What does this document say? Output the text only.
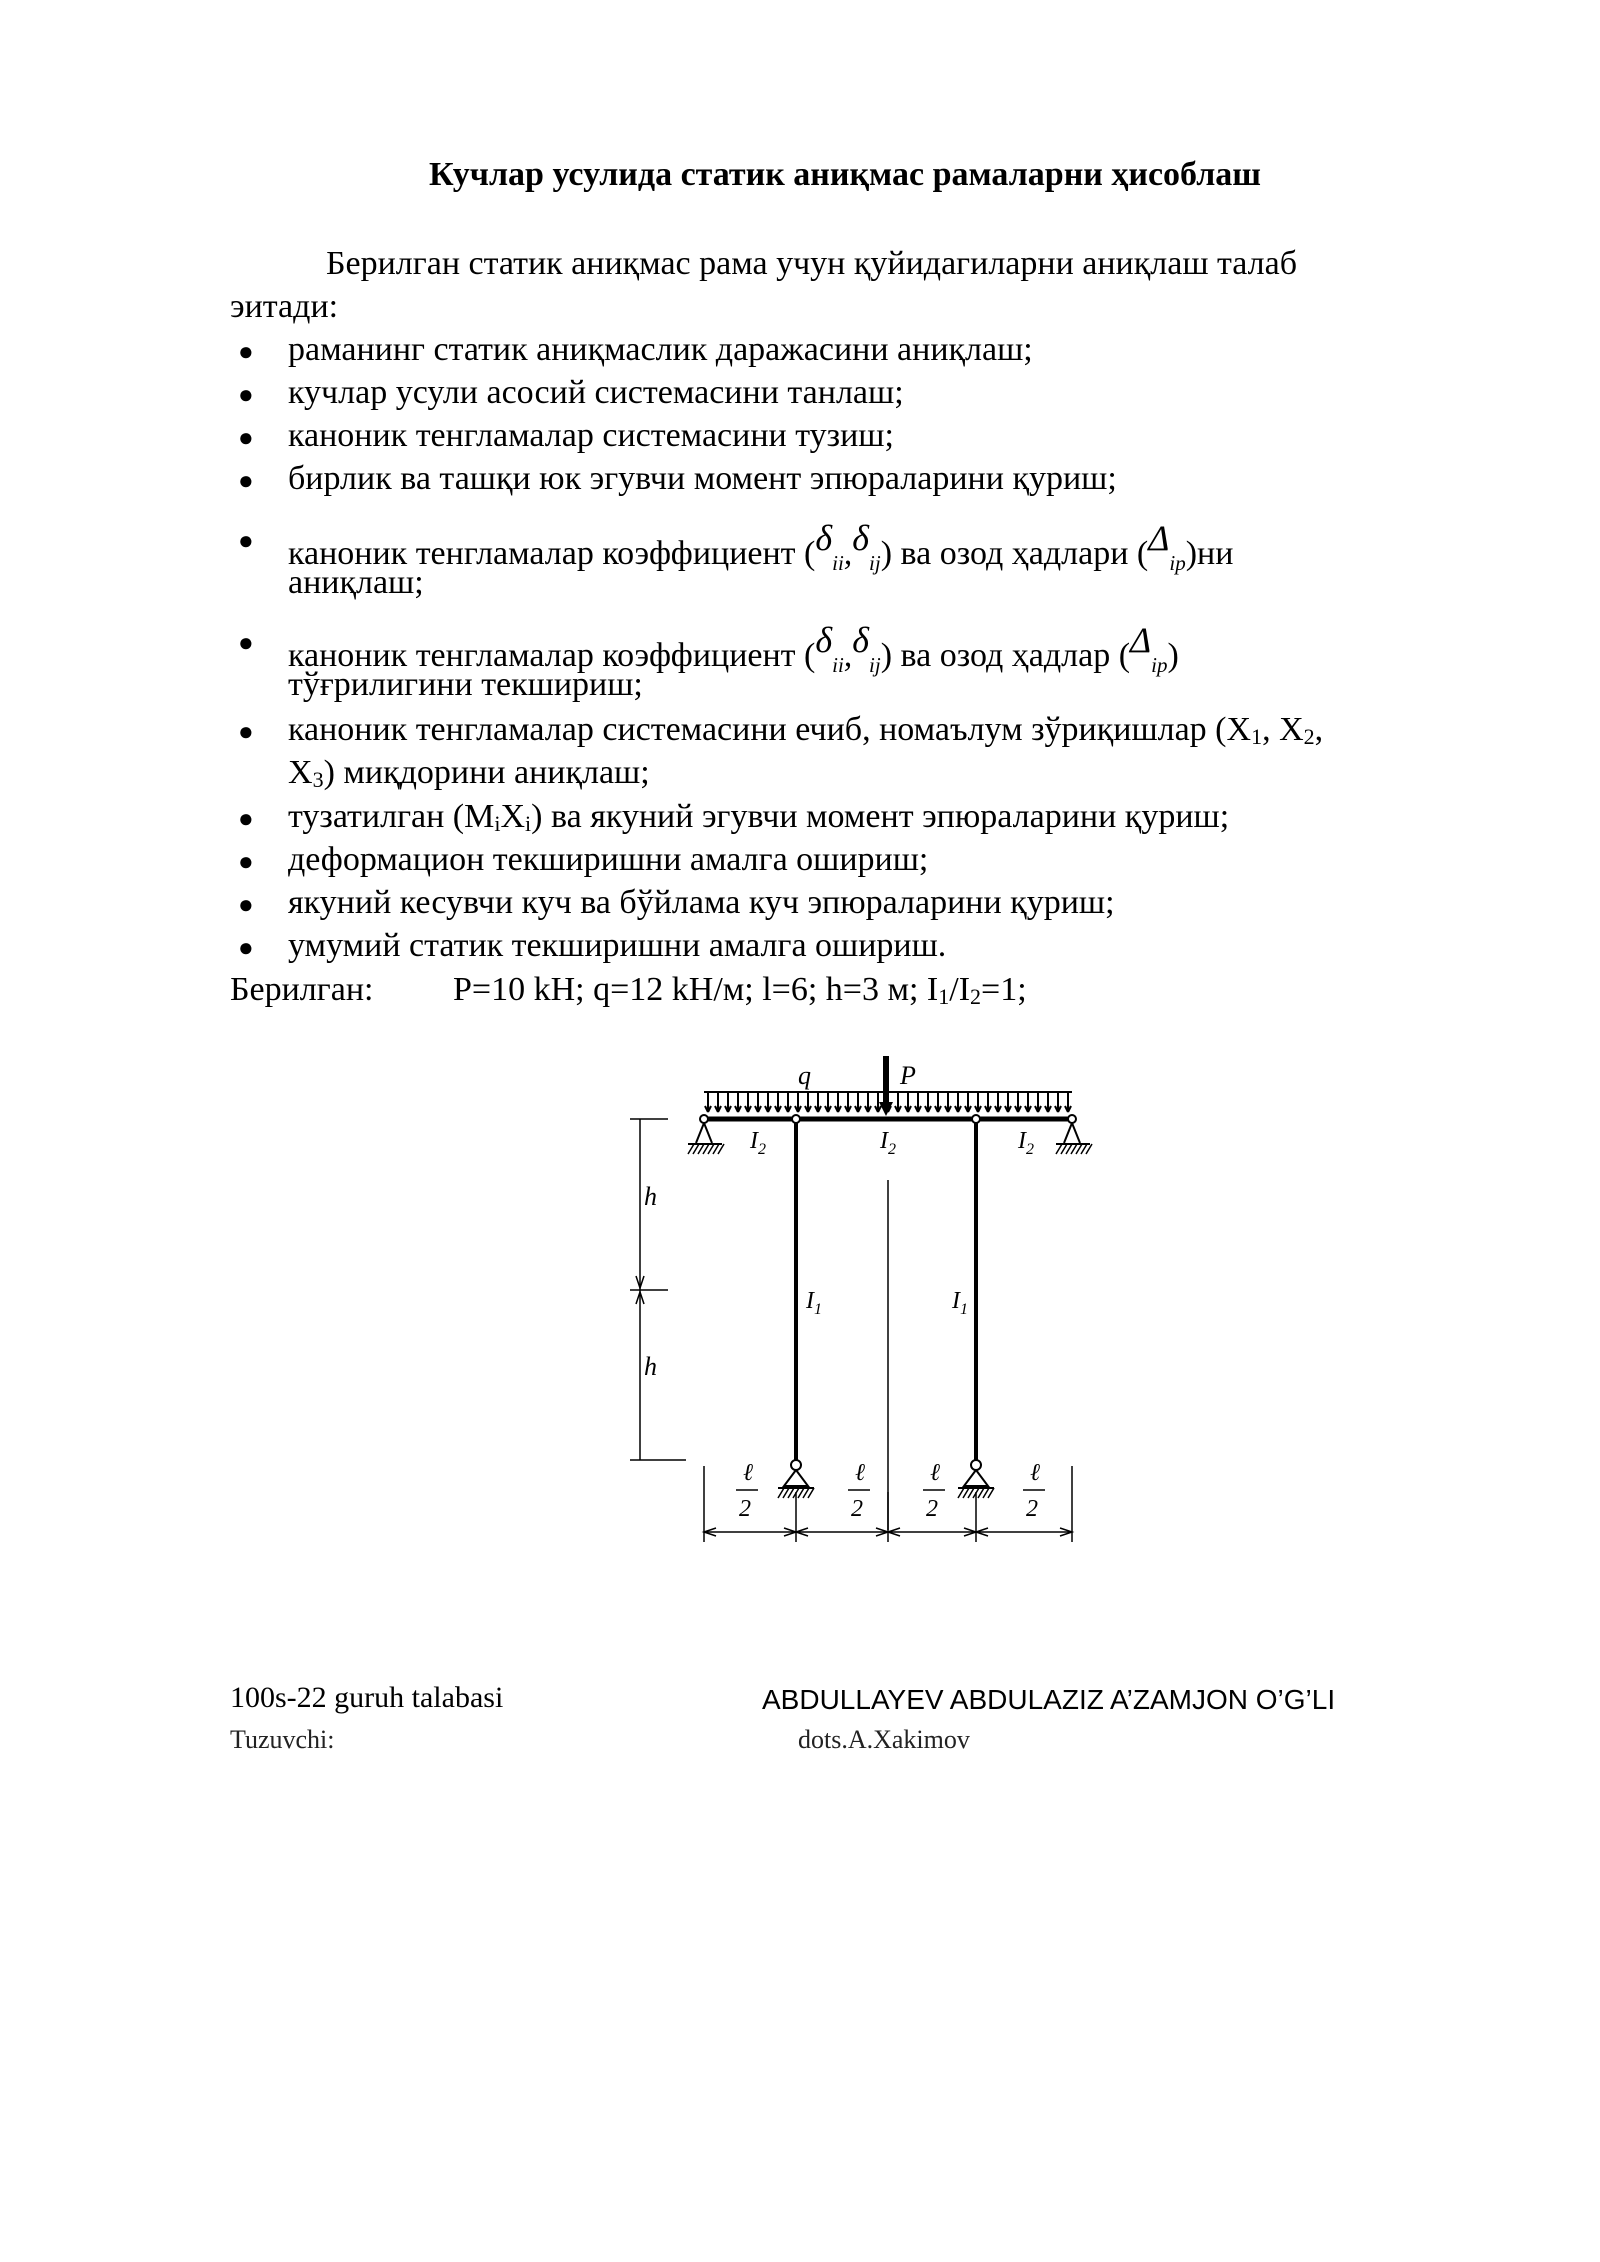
Кучлар усулида статик аниқмас рамаларни ҳисоблаш
Берилган статик аниқмас рама учун қуйидагиларни аниқлаш талаб
эитади:
● раманинг статик аниқмаслик даражасини аниқлаш;
● кучлар усули асосий системасини танлаш;
● каноник тенгламалар системасини тузиш;
● бирлик ва ташқи юк эгувчи момент эпюраларини қуриш;
● каноник тенгламалар коэффициент (δii,δij) ва озод ҳадлари (Δip)ни
аниқлаш;
● каноник тенгламалар коэффициент (δii,δij) ва озод ҳадлар (Δip)
тўғрилигини текшириш;
● каноник тенгламалар системасини ечиб, номаълум зўриқишлар (X1, X2,
X3) миқдорини аниқлаш;
● тузатилган (MiXi) ва якуний эгувчи момент эпюраларини қуриш;
● деформацион текширишни амалга ошириш;
● якуний кесувчи куч ва бўйлама куч эпюраларини қуриш;
● умумий статик текширишни амалга ошириш.
Берилган: P=10 kH; q=12 kH/м; l=6; h=3 м; I1/I2=1;
q	P
$I_2$	$I_2$	$I_2$
$I_1$	$I_1$
h
h
ℓ
2
ℓ
2
ℓ
2
ℓ
2
100s-22 guruh talabasi	ABDULLAYEV ABDULAZIZ A’ZAMJON O’G’LI
Tuzuvchi:	dots.A.Xakimov
